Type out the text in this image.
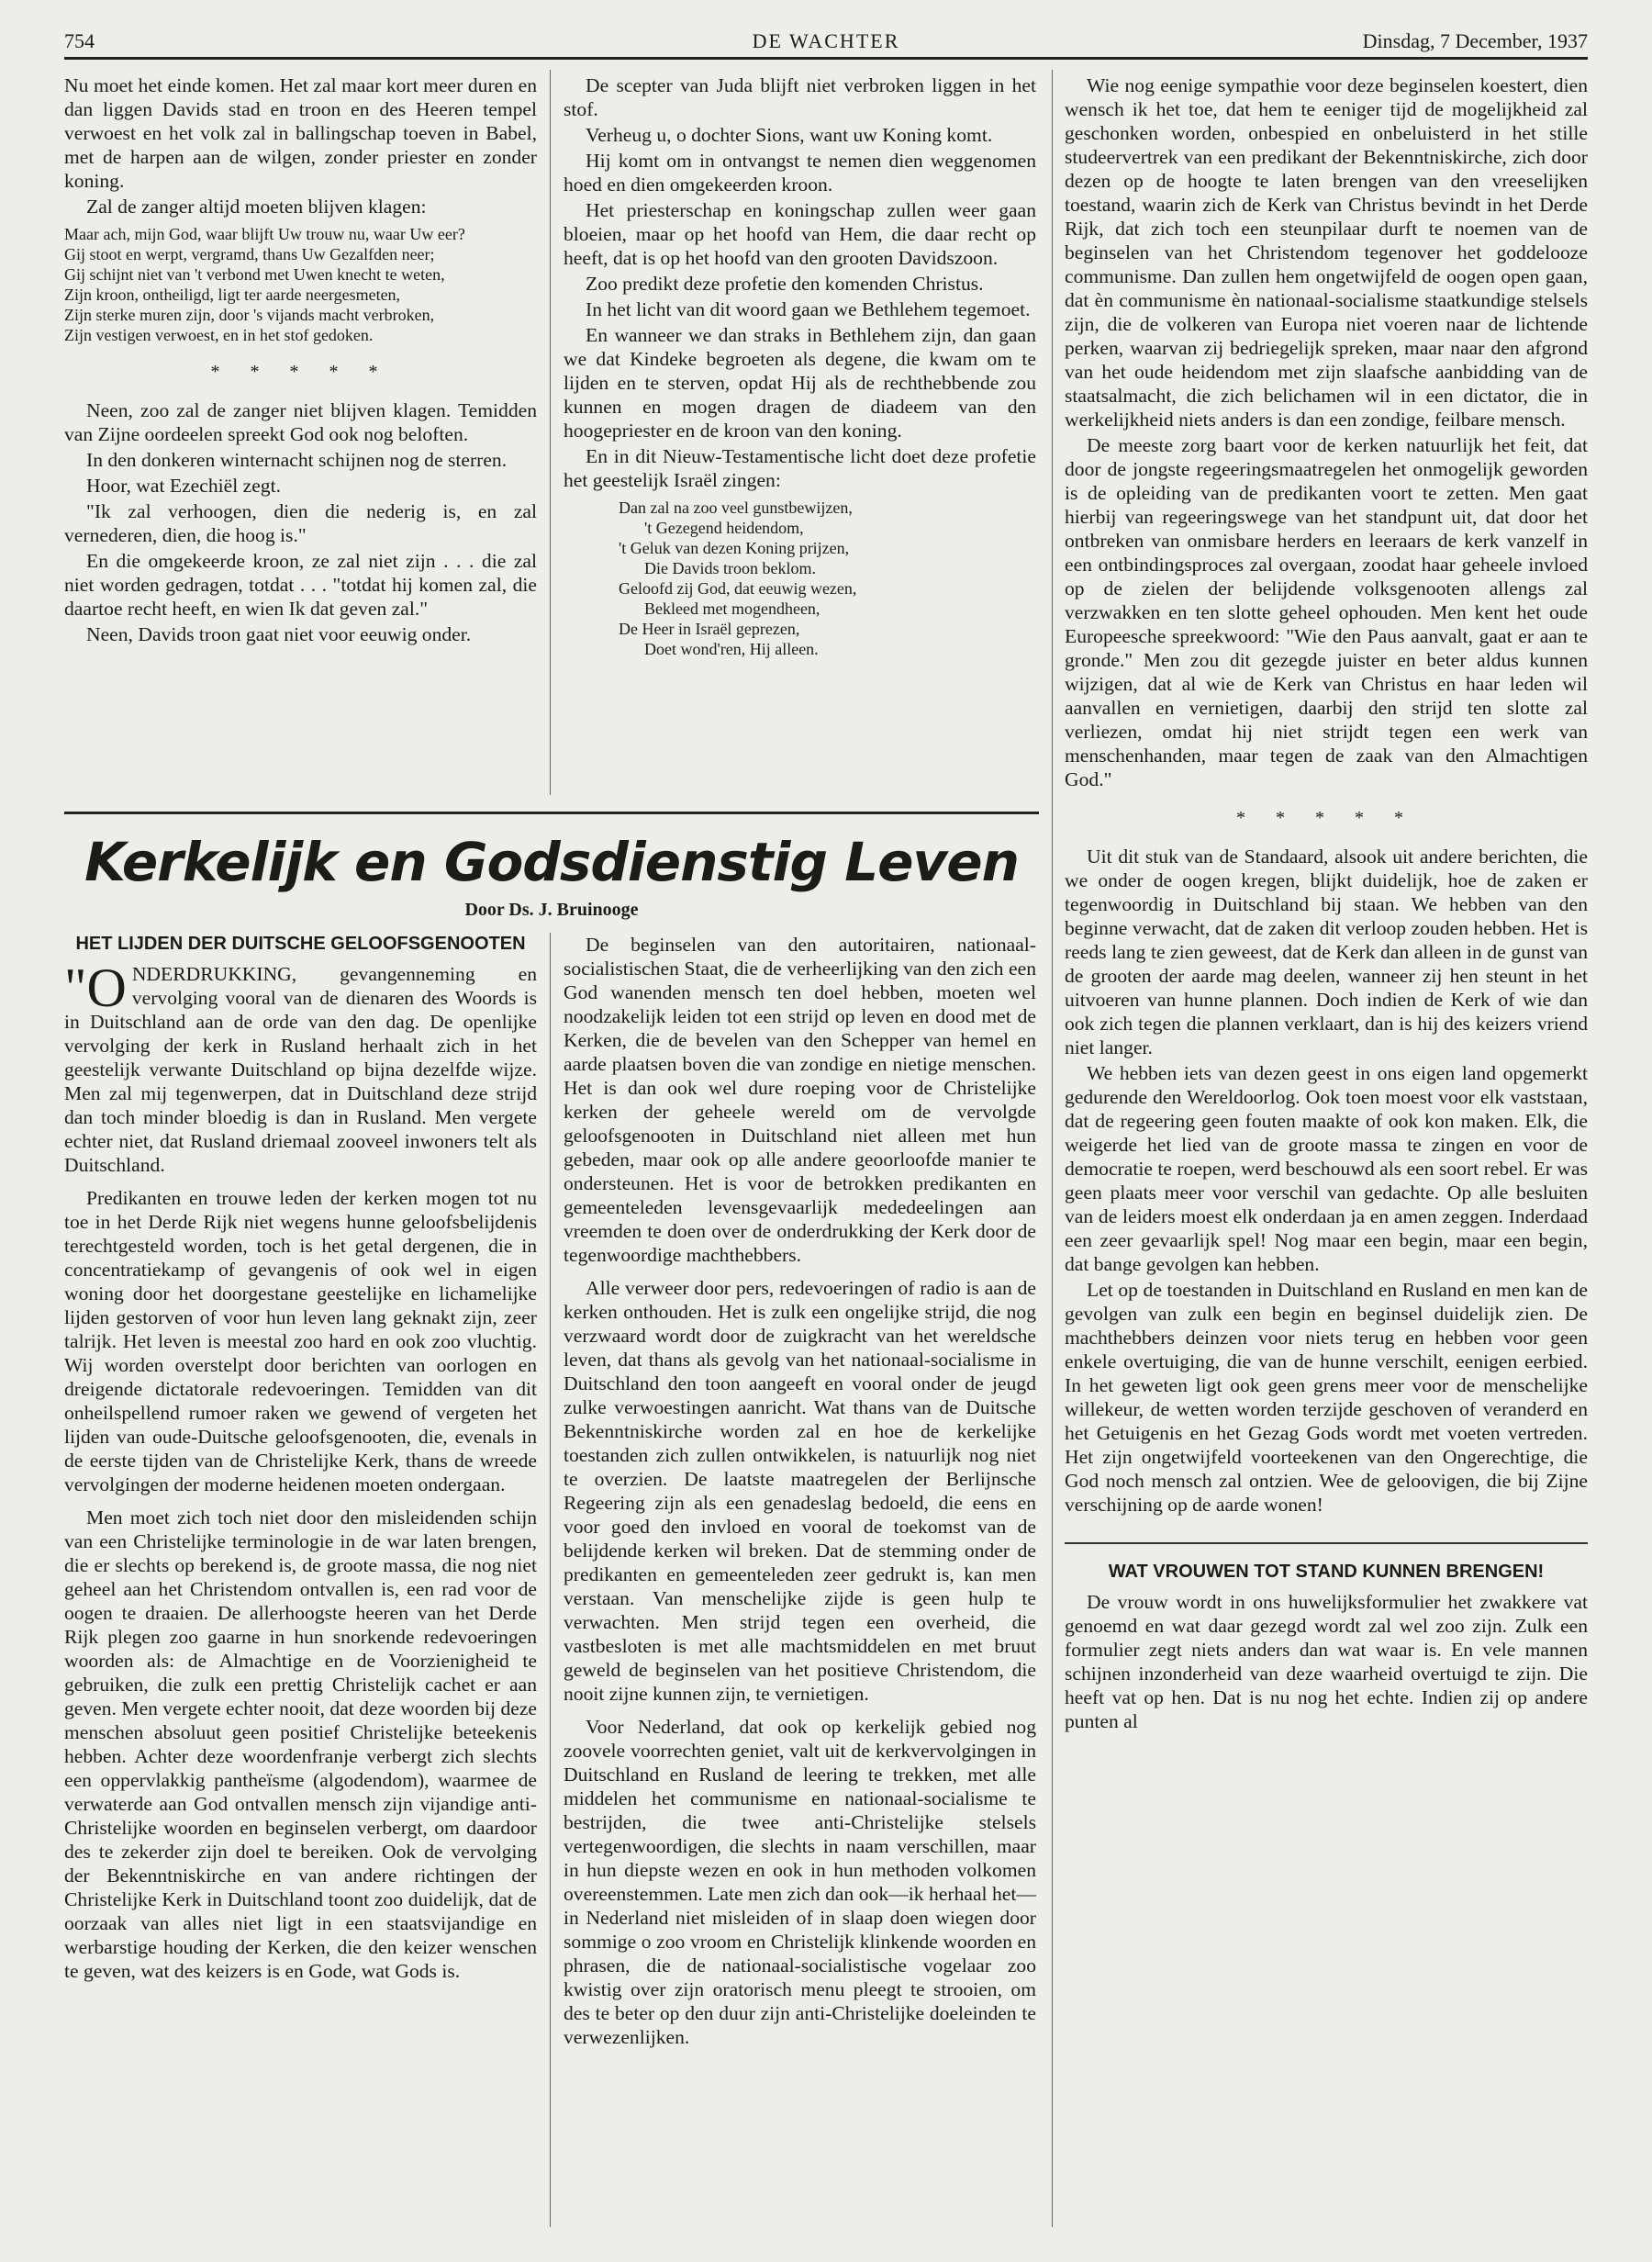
754	DE WACHTER	Dinsdag, 7 December, 1937

Nu moet het einde komen. Het zal maar kort meer duren en dan liggen Davids stad en troon en des Heeren tempel verwoest en het volk zal in ballingschap toeven in Babel, met de harpen aan de wilgen, zonder priester en zonder koning.

Zal de zanger altijd moeten blijven klagen:

Maar ach, mijn God, waar blijft Uw trouw nu, waar Uw eer?
Gij stoot en werpt, vergramd, thans Uw Gezalfden neer;
Gij schijnt niet van 't verbond met Uwen knecht te weten,
Zijn kroon, ontheiligd, ligt ter aarde neergesmeten,
Zijn sterke muren zijn, door 's vijands macht verbroken,
Zijn vestigen verwoest, en in het stof gedoken.
* * * * *

Neen, zoo zal de zanger niet blijven klagen. Temidden van Zijne oordeelen spreekt God ook nog beloften.

In den donkeren winternacht schijnen nog de sterren.

Hoor, wat Ezechiël zegt.

"Ik zal verhoogen, dien die nederig is, en zal vernederen, dien, die hoog is."

En die omgekeerde kroon, ze zal niet zijn . . . die zal niet worden gedragen, totdat . . . "totdat hij komen zal, die daartoe recht heeft, en wien Ik dat geven zal."

Neen, Davids troon gaat niet voor eeuwig onder.

De scepter van Juda blijft niet verbroken liggen in het stof.

Verheug u, o dochter Sions, want uw Koning komt.

Hij komt om in ontvangst te nemen dien weggenomen hoed en dien omgekeerden kroon.

Het priesterschap en koningschap zullen weer gaan bloeien, maar op het hoofd van Hem, die daar recht op heeft, dat is op het hoofd van den grooten Davidszoon.

Zoo predikt deze profetie den komenden Christus.

In het licht van dit woord gaan we Bethlehem tegemoet.

En wanneer we dan straks in Bethlehem zijn, dan gaan we dat Kindeke begroeten als degene, die kwam om te lijden en te sterven, opdat Hij als de rechthebbende zou kunnen en mogen dragen de diadeem van den hoogepriester en de kroon van den koning.

En in dit Nieuw-Testamentische licht doet deze profetie het geestelijk Israël zingen:

Dan zal na zoo veel gunstbewijzen,
't Gezegend heidendom,
't Geluk van dezen Koning prijzen,
Die Davids troon beklom.
Geloofd zij God, dat eeuwig wezen,
Bekleed met mogendheen,
De Heer in Israël geprezen,
Doet wond'ren, Hij alleen.
Kerkelijk en Godsdienstig Leven
Door Ds. J. Bruinooge
HET LIJDEN DER DUITSCHE GELOOFSGENOOTEN

"ONDERDRUKKING, gevangenneming en vervolging vooral van de dienaren des Woords is in Duitschland aan de orde van den dag. De openlijke vervolging der kerk in Rusland herhaalt zich in het geestelijk verwante Duitschland op bijna dezelfde wijze. Men zal mij tegenwerpen, dat in Duitschland deze strijd dan toch minder bloedig is dan in Rusland. Men vergete echter niet, dat Rusland driemaal zooveel inwoners telt als Duitschland.

Predikanten en trouwe leden der kerken mogen tot nu toe in het Derde Rijk niet wegens hunne geloofsbelijdenis terechtgesteld worden, toch is het getal dergenen, die in concentratiekamp of gevangenis of ook wel in eigen woning door het doorgestane geestelijke en lichamelijke lijden gestorven of voor hun leven lang geknakt zijn, zeer talrijk. Het leven is meestal zoo hard en ook zoo vluchtig. Wij worden overstelpt door berichten van oorlogen en dreigende dictatorale redevoeringen. Temidden van dit onheilspellend rumoer raken we gewend of vergeten het lijden van oude-Duitsche geloofsgenooten, die, evenals in de eerste tijden van de Christelijke Kerk, thans de wreede vervolgingen der moderne heidenen moeten ondergaan.

Men moet zich toch niet door den misleidenden schijn van een Christelijke terminologie in de war laten brengen, die er slechts op berekend is, de groote massa, die nog niet geheel aan het Christendom ontvallen is, een rad voor de oogen te draaien. De allerhoogste heeren van het Derde Rijk plegen zoo gaarne in hun snorkende redevoeringen woorden als: de Almachtige en de Voorzienigheid te gebruiken, die zulk een prettig Christelijk cachet er aan geven. Men vergete echter nooit, dat deze woorden bij deze menschen absoluut geen positief Christelijke beteekenis hebben. Achter deze woordenfranje verbergt zich slechts een oppervlakkig pantheïsme (algodendom), waarmee de verwaterde aan God ontvallen mensch zijn vijandige anti-Christelijke woorden en beginselen verbergt, om daardoor des te zekerder zijn doel te bereiken. Ook de vervolging der Bekenntniskirche en van andere richtingen der Christelijke Kerk in Duitschland toont zoo duidelijk, dat de oorzaak van alles niet ligt in een staatsvijandige en werbarstige houding der Kerken, die den keizer wenschen te geven, wat des keizers is en Gode, wat Gods is.

De beginselen van den autoritairen, nationaal-socialistischen Staat, die de verheerlijking van den zich een God wanenden mensch ten doel hebben, moeten wel noodzakelijk leiden tot een strijd op leven en dood met de Kerken, die de bevelen van den Schepper van hemel en aarde plaatsen boven die van zondige en nietige menschen. Het is dan ook wel dure roeping voor de Christelijke kerken der geheele wereld om de vervolgde geloofsgenooten in Duitschland niet alleen met hun gebeden, maar ook op alle andere geoorloofde manier te ondersteunen. Het is voor de betrokken predikanten en gemeenteleden levensgevaarlijk mededeelingen aan vreemden te doen over de onderdrukking der Kerk door de tegenwoordige machthebbers.

Alle verweer door pers, redevoeringen of radio is aan de kerken onthouden. Het is zulk een ongelijke strijd, die nog verzwaard wordt door de zuigkracht van het wereldsche leven, dat thans als gevolg van het nationaal-socialisme in Duitschland den toon aangeeft en vooral onder de jeugd zulke verwoestingen aanricht. Wat thans van de Duitsche Bekenntniskirche worden zal en hoe de kerkelijke toestanden zich zullen ontwikkelen, is natuurlijk nog niet te overzien. De laatste maatregelen der Berlijnsche Regeering zijn als een genadeslag bedoeld, die eens en voor goed den invloed en vooral de toekomst van de belijdende kerken wil breken. Dat de stemming onder de predikanten en gemeenteleden zeer gedrukt is, kan men verstaan. Van menschelijke zijde is geen hulp te verwachten. Men strijd tegen een overheid, die vastbesloten is met alle machtsmiddelen en met bruut geweld de beginselen van het positieve Christendom, die nooit zijne kunnen zijn, te vernietigen.

Voor Nederland, dat ook op kerkelijk gebied nog zoovele voorrechten geniet, valt uit de kerkvervolgingen in Duitschland en Rusland de leering te trekken, met alle middelen het communisme en nationaal-socialisme te bestrijden, die twee anti-Christelijke stelsels vertegenwoordigen, die slechts in naam verschillen, maar in hun diepste wezen en ook in hun methoden volkomen overeenstemmen. Late men zich dan ook—ik herhaal het—in Nederland niet misleiden of in slaap doen wiegen door sommige o zoo vroom en Christelijk klinkende woorden en phrasen, die de nationaal-socialistische vogelaar zoo kwistig over zijn oratorisch menu pleegt te strooien, om des te beter op den duur zijn anti-Christelijke doeleinden te verwezenlijken.

Wie nog eenige sympathie voor deze beginselen koestert, dien wensch ik het toe, dat hem te eeniger tijd de mogelijkheid zal geschonken worden, onbespied en onbeluisterd in het stille studeervertrek van een predikant der Bekenntniskirche, zich door dezen op de hoogte te laten brengen van den vreeselijken toestand, waarin zich de Kerk van Christus bevindt in het Derde Rijk, dat zich toch een steunpilaar durft te noemen van de beginselen van het Christendom tegenover het goddelooze communisme. Dan zullen hem ongetwijfeld de oogen open gaan, dat èn communisme èn nationaal-socialisme staatkundige stelsels zijn, die de volkeren van Europa niet voeren naar de lichtende perken, waarvan zij bedriegelijk spreken, maar naar den afgrond van het oude heidendom met zijn slaafsche aanbidding van de staatsalmacht, die zich belichamen wil in een dictator, die in werkelijkheid niets anders is dan een zondige, feilbare mensch.

De meeste zorg baart voor de kerken natuurlijk het feit, dat door de jongste regeeringsmaatregelen het onmogelijk geworden is de opleiding van de predikanten voort te zetten. Men gaat hierbij van regeeringswege van het standpunt uit, dat door het ontbreken van onmisbare herders en leeraars de kerk vanzelf in een ontbindingsproces zal overgaan, zoodat haar geheele invloed op de zielen der belijdende volksgenooten allengs zal verzwakken en ten slotte geheel ophouden. Men kent het oude Europeesche spreekwoord: "Wie den Paus aanvalt, gaat er aan te gronde." Men zou dit gezegde juister en beter aldus kunnen wijzigen, dat al wie de Kerk van Christus en haar leden wil aanvallen en vernietigen, daarbij den strijd ten slotte zal verliezen, omdat hij niet strijdt tegen een werk van menschenhanden, maar tegen de zaak van den Almachtigen God."

* * * * *

Uit dit stuk van de Standaard, alsook uit andere berichten, die we onder de oogen kregen, blijkt duidelijk, hoe de zaken er tegenwoordig in Duitschland bij staan. We hebben van den beginne verwacht, dat de zaken dit verloop zouden hebben. Het is reeds lang te zien geweest, dat de Kerk dan alleen in de gunst van de grooten der aarde mag deelen, wanneer zij hen steunt in het uitvoeren van hunne plannen. Doch indien de Kerk of wie dan ook zich tegen die plannen verklaart, dan is hij des keizers vriend niet langer.

We hebben iets van dezen geest in ons eigen land opgemerkt gedurende den Wereldoorlog. Ook toen moest voor elk vaststaan, dat de regeering geen fouten maakte of ook kon maken. Elk, die weigerde het lied van de groote massa te zingen en voor de democratie te roepen, werd beschouwd als een soort rebel. Er was geen plaats meer voor verschil van gedachte. Op alle besluiten van de leiders moest elk onderdaan ja en amen zeggen. Inderdaad een zeer gevaarlijk spel! Nog maar een begin, maar een begin, dat bange gevolgen kan hebben.

Let op de toestanden in Duitschland en Rusland en men kan de gevolgen van zulk een begin en beginsel duidelijk zien. De machthebbers deinzen voor niets terug en hebben voor geen enkele overtuiging, die van de hunne verschilt, eenigen eerbied. In het geweten ligt ook geen grens meer voor de menschelijke willekeur, de wetten worden terzijde geschoven of veranderd en het Getuigenis en het Gezag Gods wordt met voeten vertreden. Het zijn ongetwijfeld voorteekenen van den Ongerechtige, die God noch mensch zal ontzien. Wee de geloovigen, die bij Zijne verschijning op de aarde wonen!

WAT VROUWEN TOT STAND KUNNEN BRENGEN!

De vrouw wordt in ons huwelijksformulier het zwakkere vat genoemd en wat daar gezegd wordt zal wel zoo zijn. Zulk een formulier zegt niets anders dan wat waar is. En vele mannen schijnen inzonderheid van deze waarheid overtuigd te zijn. Die heeft vat op hen. Dat is nu nog het echte. Indien zij op andere punten al
